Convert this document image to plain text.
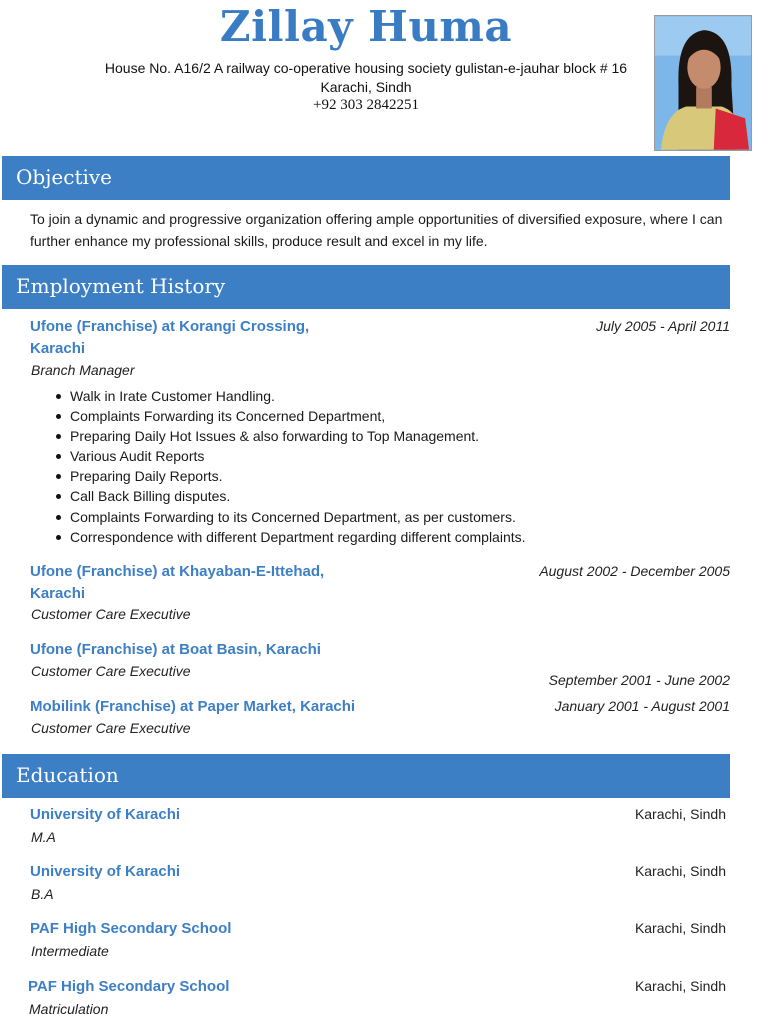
Zillay Huma
House No. A16/2 A railway co-operative housing society gulistan-e-jauhar block # 16
Karachi, Sindh
+92 303 2842251
Objective
To join a dynamic and progressive organization offering ample opportunities of diversified exposure, where I can further enhance my professional skills, produce result and excel in my life.
Employment History
Ufone (Franchise) at Korangi Crossing,
Karachi
July 2005 - April 2011
Branch Manager
Walk in Irate Customer Handling.
Complaints Forwarding its Concerned Department,
Preparing Daily Hot Issues & also forwarding to Top Management.
Various Audit Reports
Preparing Daily Reports.
Call Back Billing disputes.
Complaints Forwarding to its Concerned Department, as per customers.
Correspondence with different Department regarding different complaints.
Ufone (Franchise) at Khayaban-E-Ittehad,
Karachi
August 2002 - December 2005
Customer Care Executive
Ufone (Franchise) at Boat Basin, Karachi
Customer Care Executive
September 2001 - June 2002
Mobilink (Franchise) at Paper Market, Karachi	January 2001 - August 2001
Customer Care Executive
Education
University of Karachi	Karachi, Sindh
M.A
University of Karachi	Karachi, Sindh
B.A
PAF High Secondary School	Karachi, Sindh
Intermediate
PAF High Secondary School	Karachi, Sindh
Matriculation
